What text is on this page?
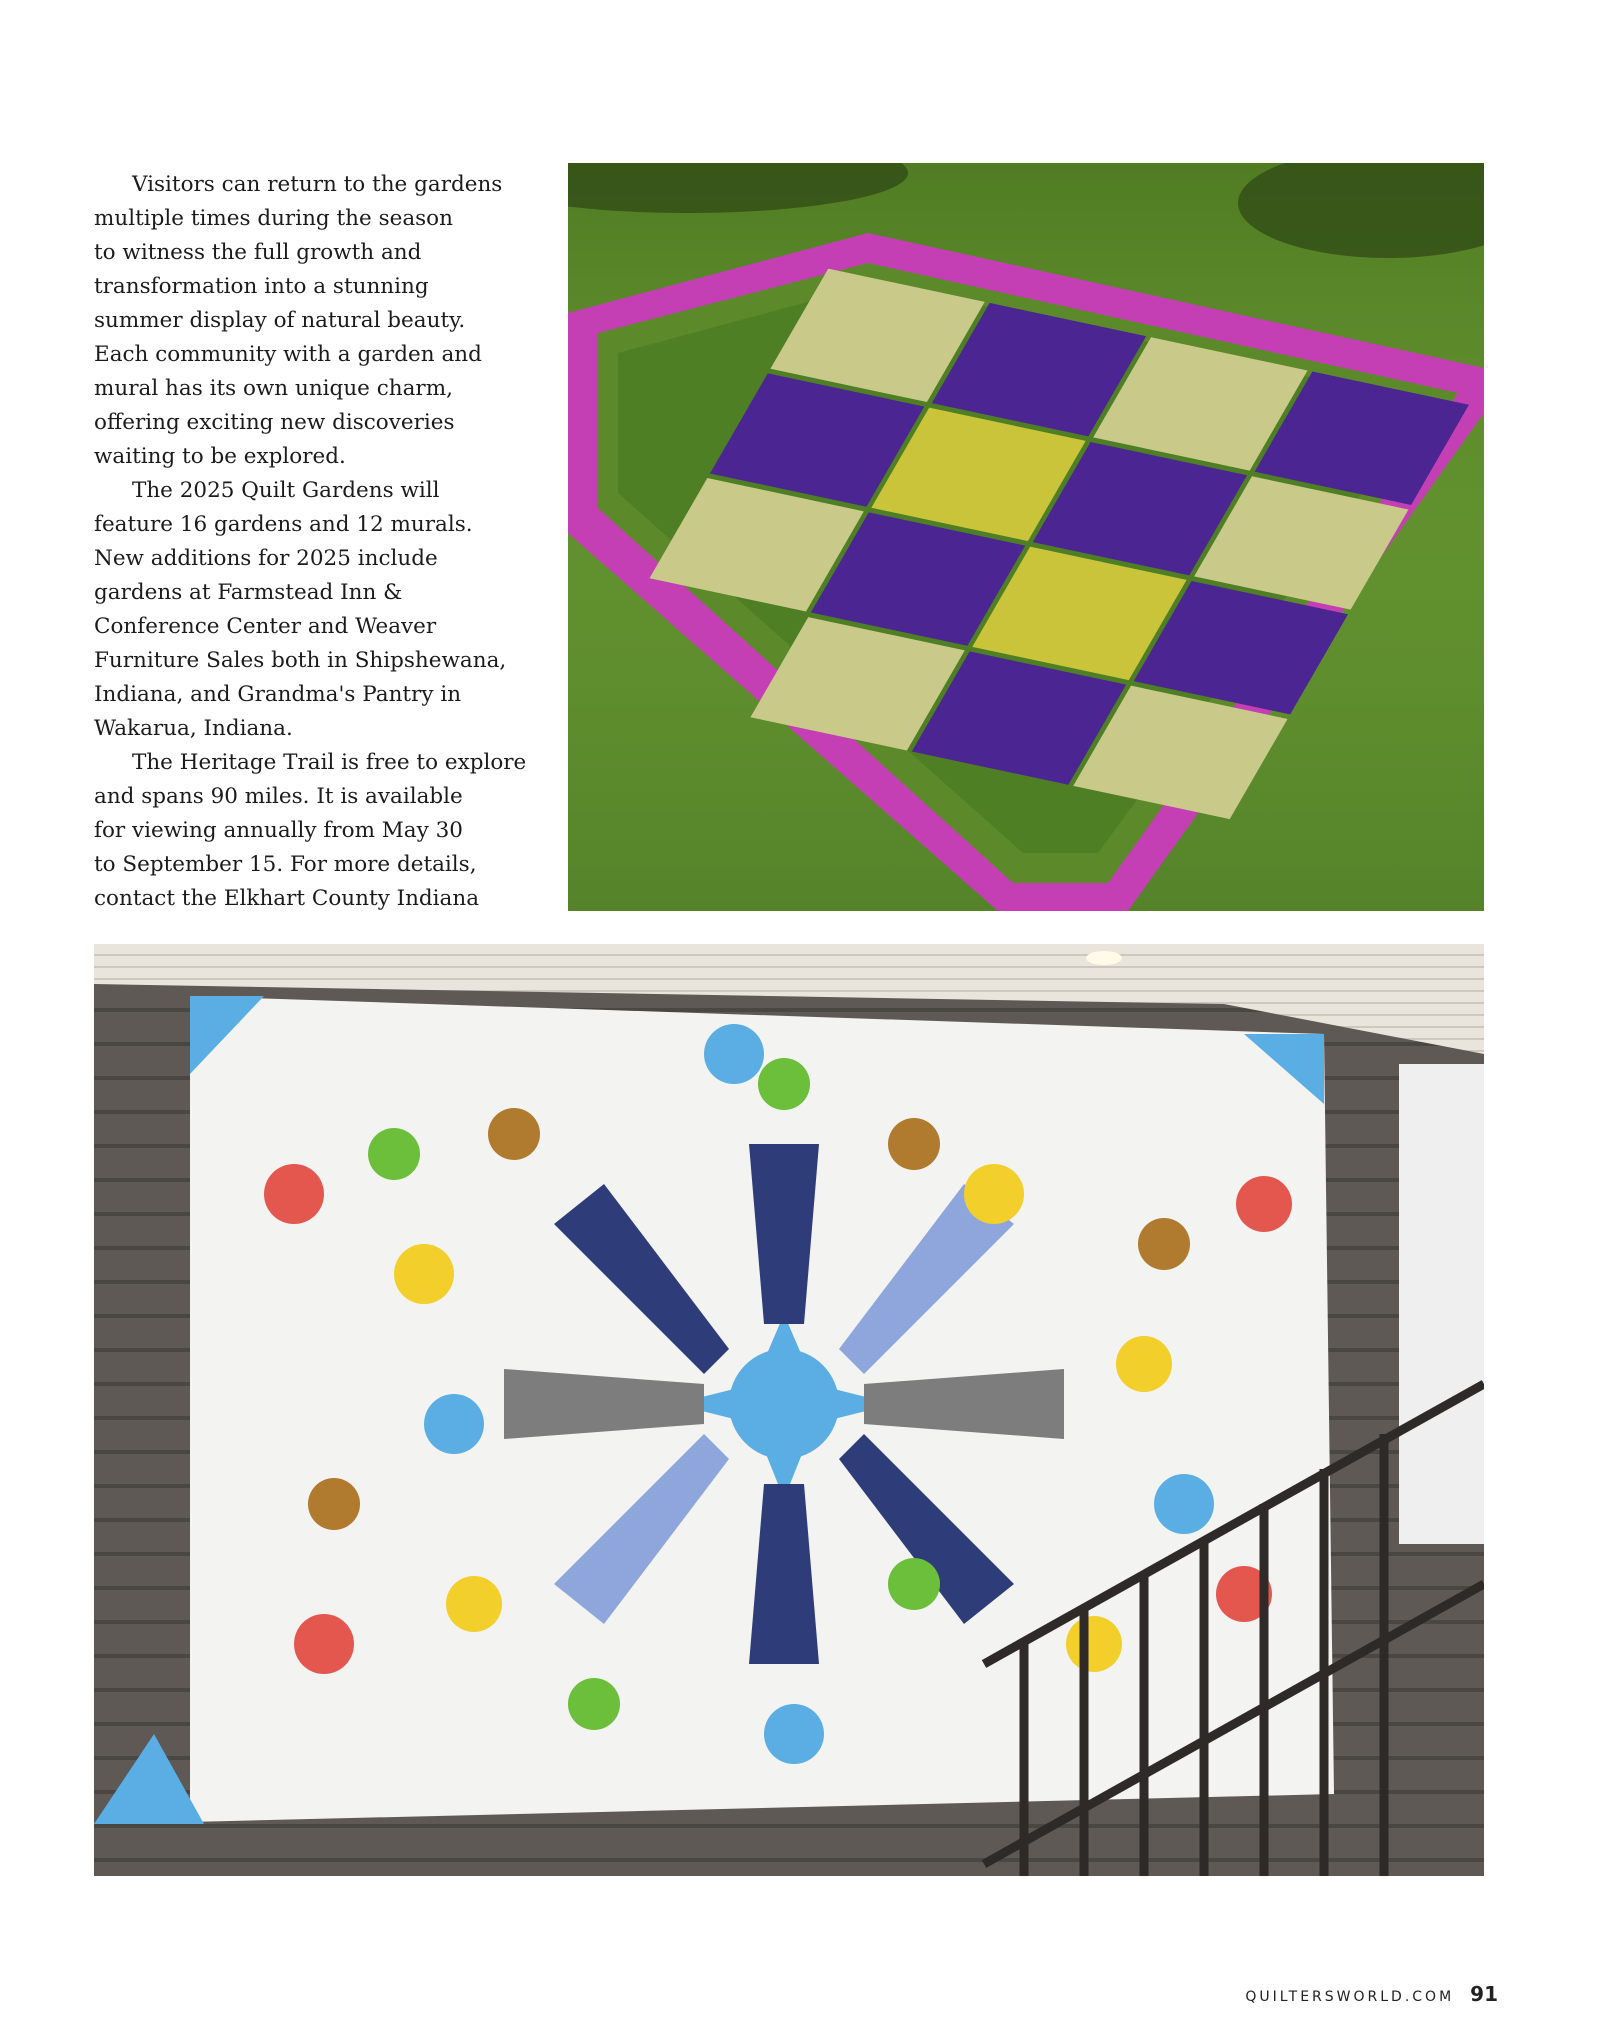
Visitors can return to the gardens
multiple times during the season
to witness the full growth and
transformation into a stunning
summer display of natural beauty.
Each community with a garden and
mural has its own unique charm,
offering exciting new discoveries
waiting to be explored.

The 2025 Quilt Gardens will
feature 16 gardens and 12 murals.
New additions for 2025 include
gardens at Farmstead Inn &
Conference Center and Weaver
Furniture Sales both in Shipshewana,
Indiana, and Grandma's Pantry in
Wakarua, Indiana.

The Heritage Trail is free to explore
and spans 90 miles. It is available
for viewing annually from May 30
to September 15. For more details,
contact the Elkhart County Indiana

QUILTERSWORLD.COM 91
